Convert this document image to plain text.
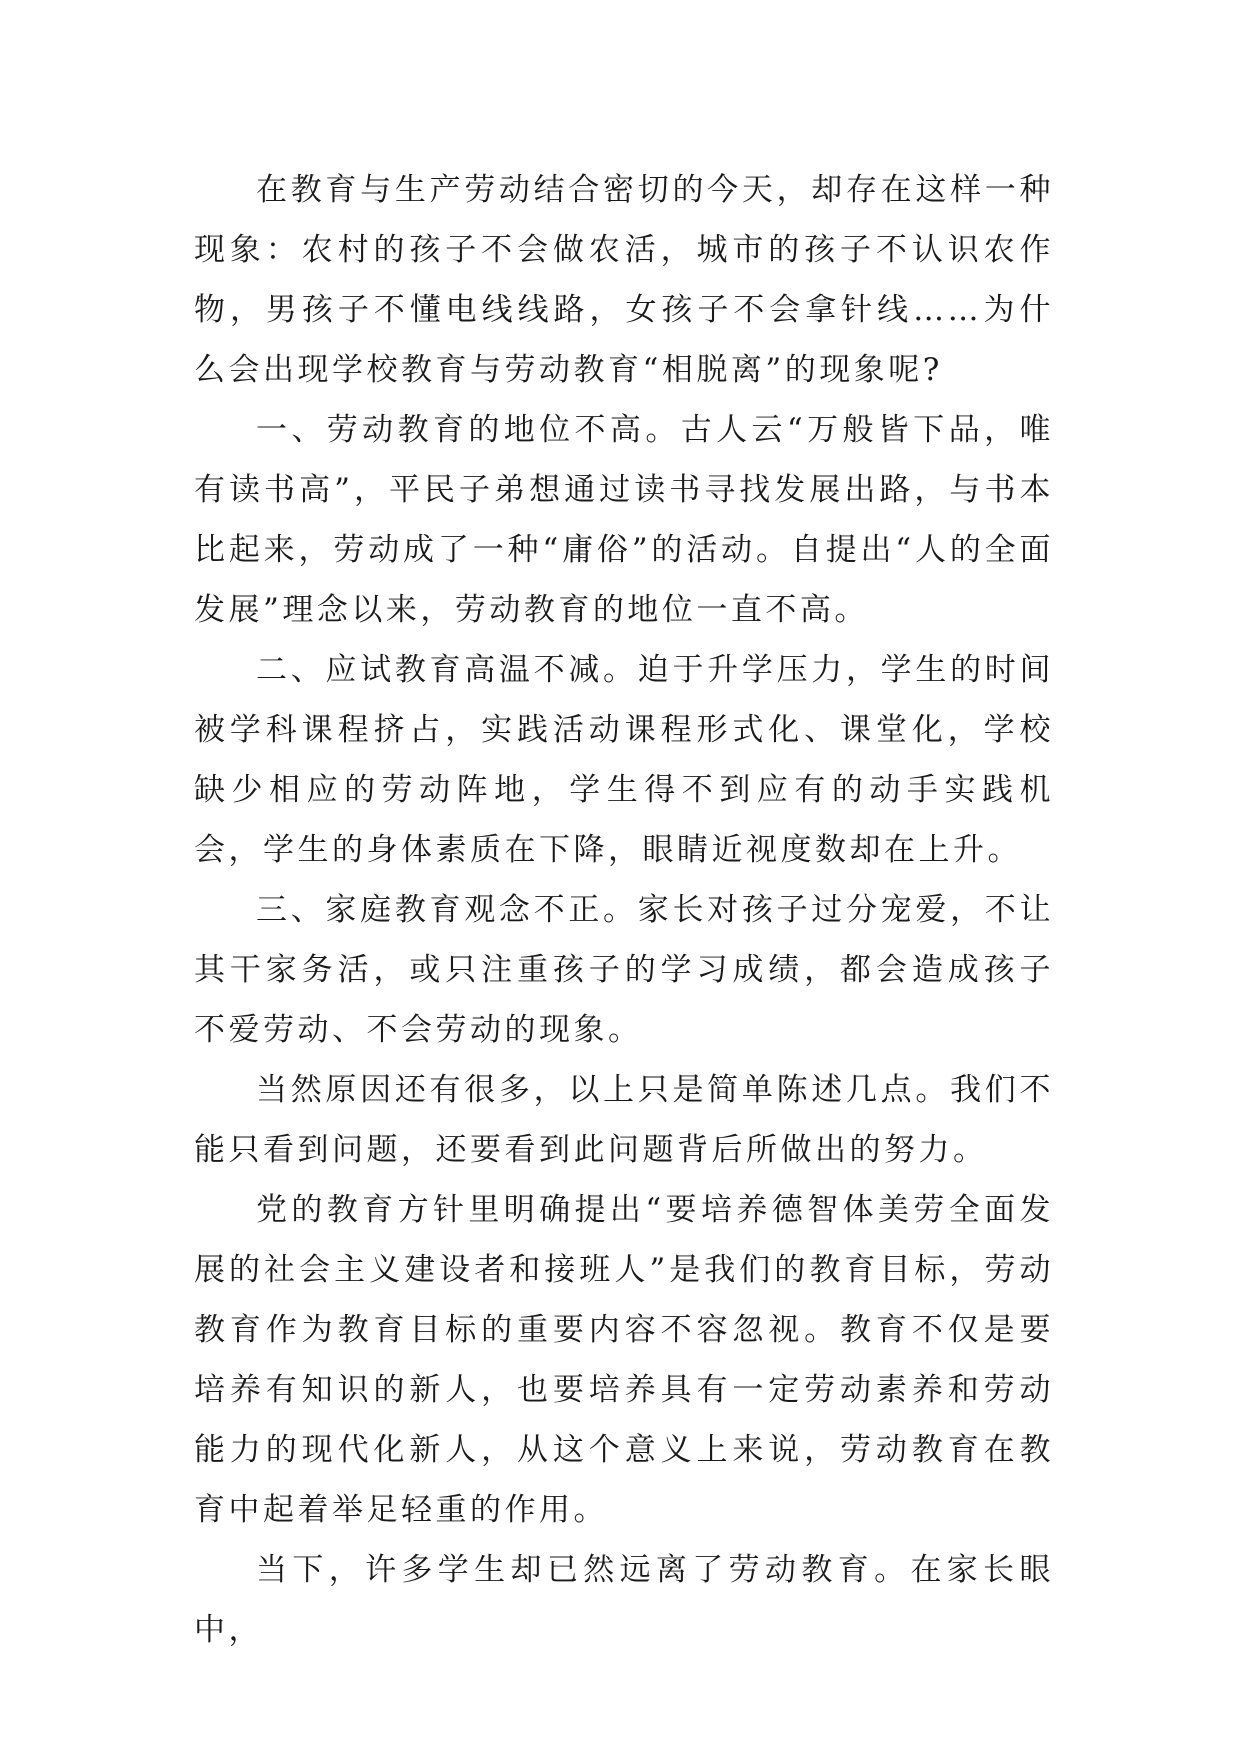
在教育与生产劳动结合密切的今天，却存在这样一种现象：农村的孩子不会做农活，城市的孩子不认识农作物，男孩子不懂电线线路，女孩子不会拿针线……为什么会出现学校教育与劳动教育“相脱离”的现象呢?

一、劳动教育的地位不高。古人云“万般皆下品，唯有读书高”，平民子弟想通过读书寻找发展出路，与书本比起来，劳动成了一种“庸俗”的活动。自提出“人的全面发展”理念以来，劳动教育的地位一直不高。

二、应试教育高温不减。迫于升学压力，学生的时间被学科课程挤占，实践活动课程形式化、课堂化，学校缺少相应的劳动阵地，学生得不到应有的动手实践机会，学生的身体素质在下降，眼睛近视度数却在上升。

三、家庭教育观念不正。家长对孩子过分宠爱，不让其干家务活，或只注重孩子的学习成绩，都会造成孩子不爱劳动、不会劳动的现象。

当然原因还有很多，以上只是简单陈述几点。我们不能只看到问题，还要看到此问题背后所做出的努力。

党的教育方针里明确提出“要培养德智体美劳全面发展的社会主义建设者和接班人”是我们的教育目标，劳动教育作为教育目标的重要内容不容忽视。教育不仅是要培养有知识的新人，也要培养具有一定劳动素养和劳动能力的现代化新人，从这个意义上来说，劳动教育在教育中起着举足轻重的作用。

当下，许多学生却已然远离了劳动教育。在家长眼中，
